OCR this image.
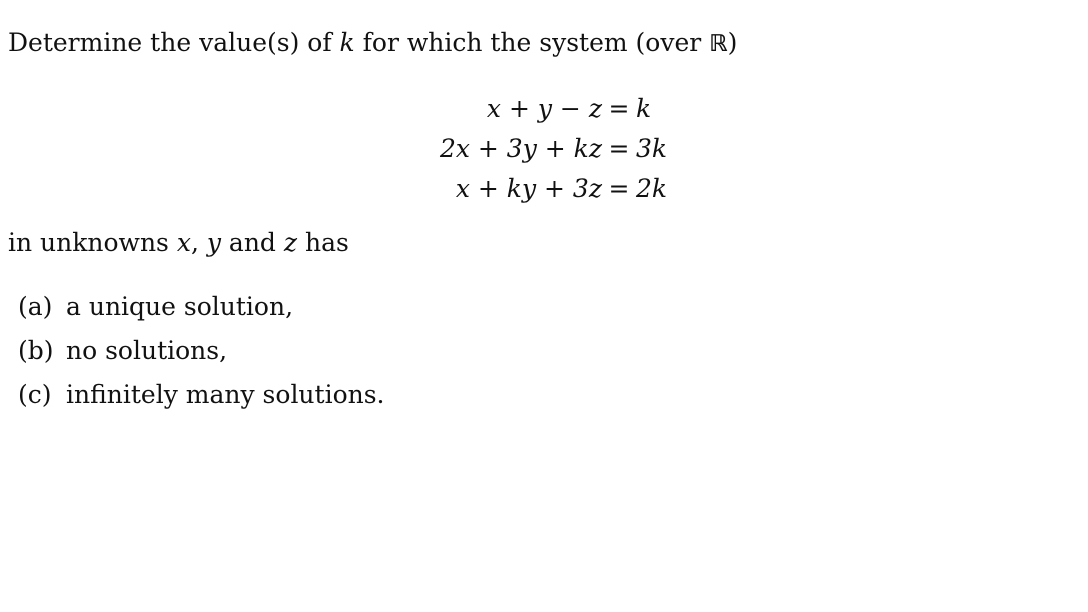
Determine the value(s) of k for which the system (over ℝ)
x + y − z = k
2x + 3y + kz = 3k
x + ky + 3z = 2k
in unknowns x, y and z has
(a) a unique solution,
(b) no solutions,
(c) infinitely many solutions.
